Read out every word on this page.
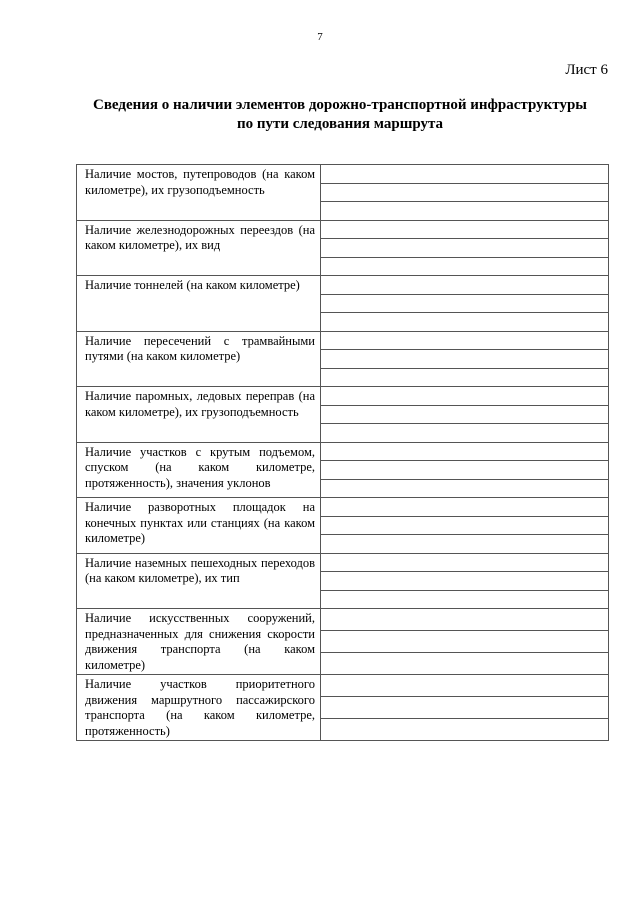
7
Лист 6
Сведения о наличии элементов дорожно-транспортной инфраструктуры
по пути следования маршрута
Наличие мостов, путепроводов (на каком километре), их грузоподъемность	

Наличие железнодорожных переездов (на каком километре), их вид	

Наличие тоннелей (на каком километре)	

Наличие пересечений с трамвайными путями (на каком километре)	

Наличие паромных, ледовых переправ (на каком километре), их грузоподъемность	

Наличие участков с крутым подъемом, спуском (на каком километре, протяженность), значения уклонов	

Наличие разворотных площадок на конечных пунктах или станциях (на каком километре)	

Наличие наземных пешеходных переходов (на каком километре), их тип	

Наличие искусственных сооружений, предназначенных для снижения скорости движения транспорта (на каком километре)	

Наличие участков приоритетного движения маршрутного пассажирского транспорта (на каком километре, протяженность)	
